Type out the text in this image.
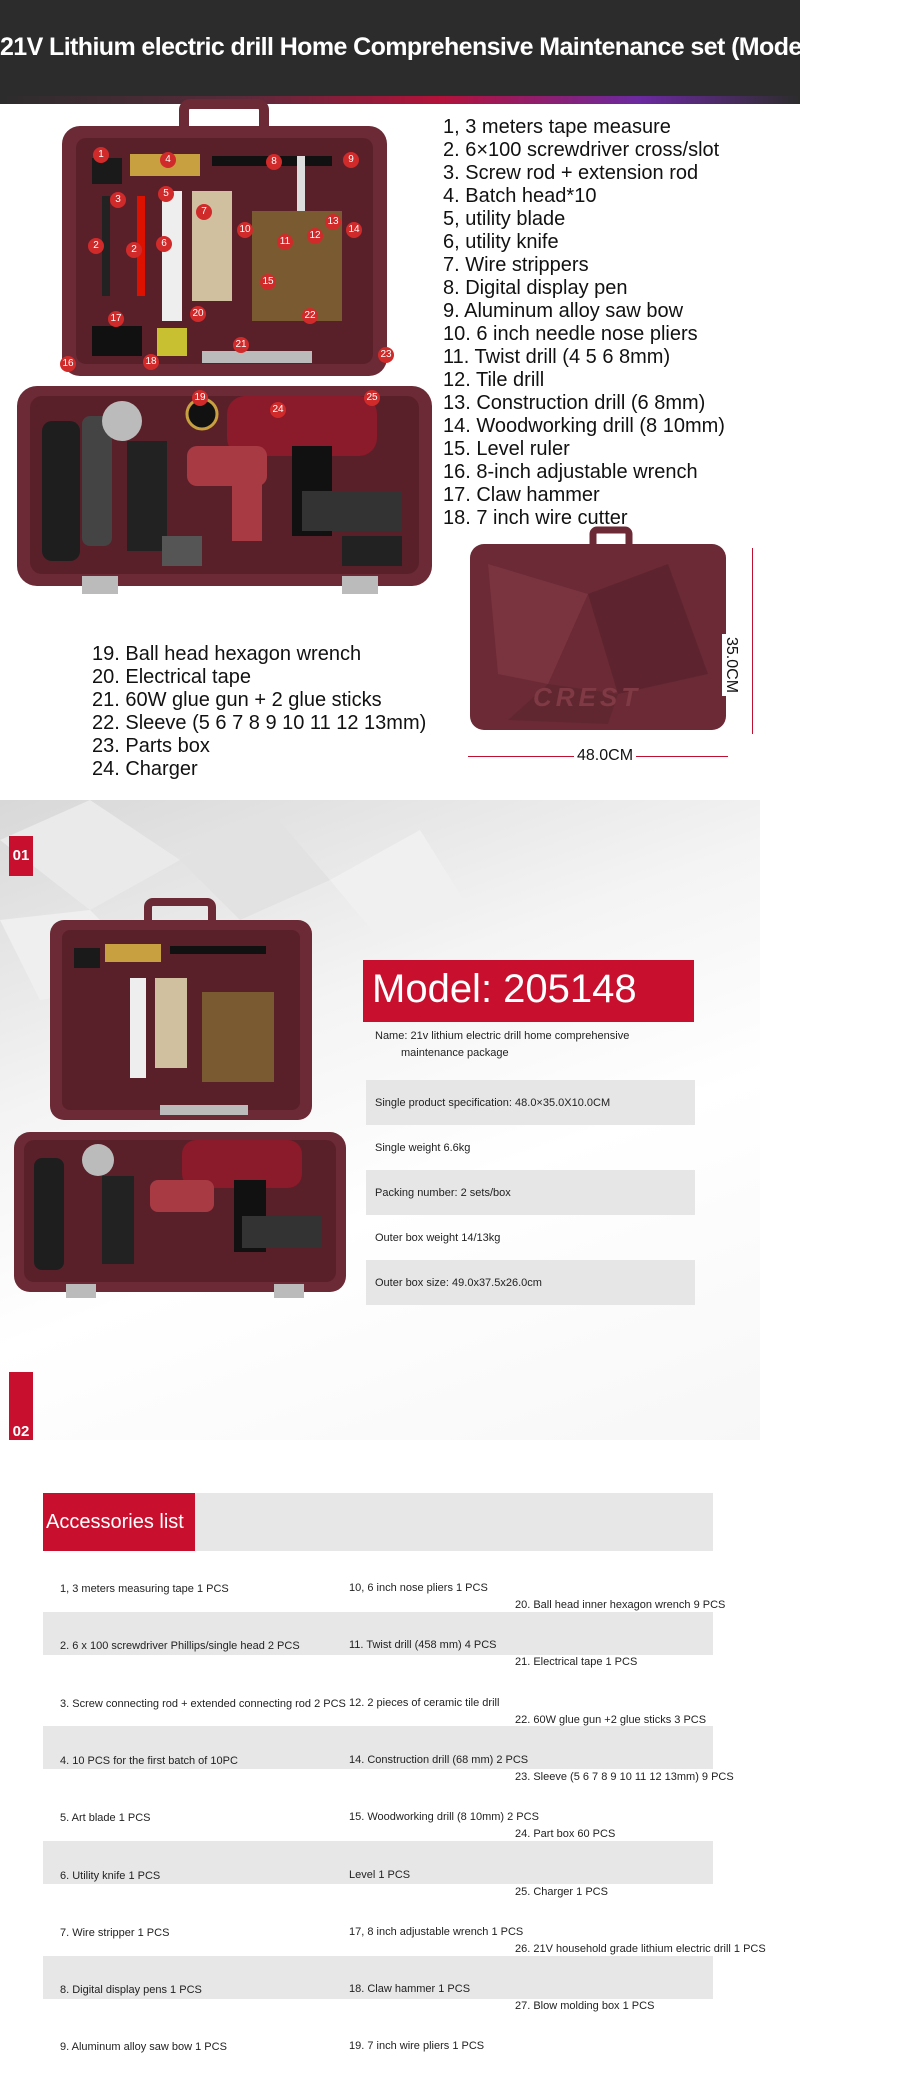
21V Lithium electric drill Home Comprehensive Maintenance set (Model 205148)
1	4	8	9
3
5
7
10
11
12
13
14
2	2
6
15
17	20	22
21
23
16	18
19
24
25
1, 3 meters tape measure
2. 6×100 screwdriver cross/slot
3. Screw rod + extension rod
4. Batch head*10
5, utility blade
6, utility knife
7. Wire strippers
8. Digital display pen
9. Aluminum alloy saw bow
10. 6 inch needle nose pliers
11. Twist drill (4 5 6 8mm)
12. Tile drill
13. Construction drill (6 8mm)
14. Woodworking drill (8 10mm)
15. Level ruler
16. 8-inch adjustable wrench
17. Claw hammer
18. 7 inch wire cutter
CREST
35.0CM
48.0CM
19. Ball head hexagon wrench
20. Electrical tape
21. 60W glue gun + 2 glue sticks
22. Sleeve (5 6 7 8 9 10 11 12 13mm)
23. Parts box
24. Charger
01
Model: 205148
Name: 21v lithium electric drill home comprehensive
maintenance package
Single product specification: 48.0×35.0X10.0CM
Single weight 6.6kg
Packing number: 2 sets/box
Outer box weight 14/13kg
Outer box size: 49.0x37.5x26.0cm
02
Accessories list
1, 3 meters measuring tape 1 PCS
2. 6 x 100 screwdriver Phillips/single head 2 PCS
3. Screw connecting rod + extended connecting rod 2 PCS
4. 10 PCS for the first batch of 10PC
5. Art blade 1 PCS
6. Utility knife 1 PCS
7. Wire stripper 1 PCS
8. Digital display pens 1 PCS
9. Aluminum alloy saw bow 1 PCS
10, 6 inch nose pliers 1 PCS
11. Twist drill (458 mm) 4 PCS
12. 2 pieces of ceramic tile drill
14. Construction drill (68 mm) 2 PCS
15. Woodworking drill (8 10mm) 2 PCS
Level 1 PCS
17, 8 inch adjustable wrench 1 PCS
18. Claw hammer 1 PCS
19. 7 inch wire pliers 1 PCS
20. Ball head inner hexagon wrench 9 PCS
21. Electrical tape 1 PCS
22. 60W glue gun +2 glue sticks 3 PCS
23. Sleeve (5 6 7 8 9 10 11 12 13mm) 9 PCS
24. Part box 60 PCS
25. Charger 1 PCS
26. 21V household grade lithium electric drill 1 PCS
27. Blow molding box 1 PCS
